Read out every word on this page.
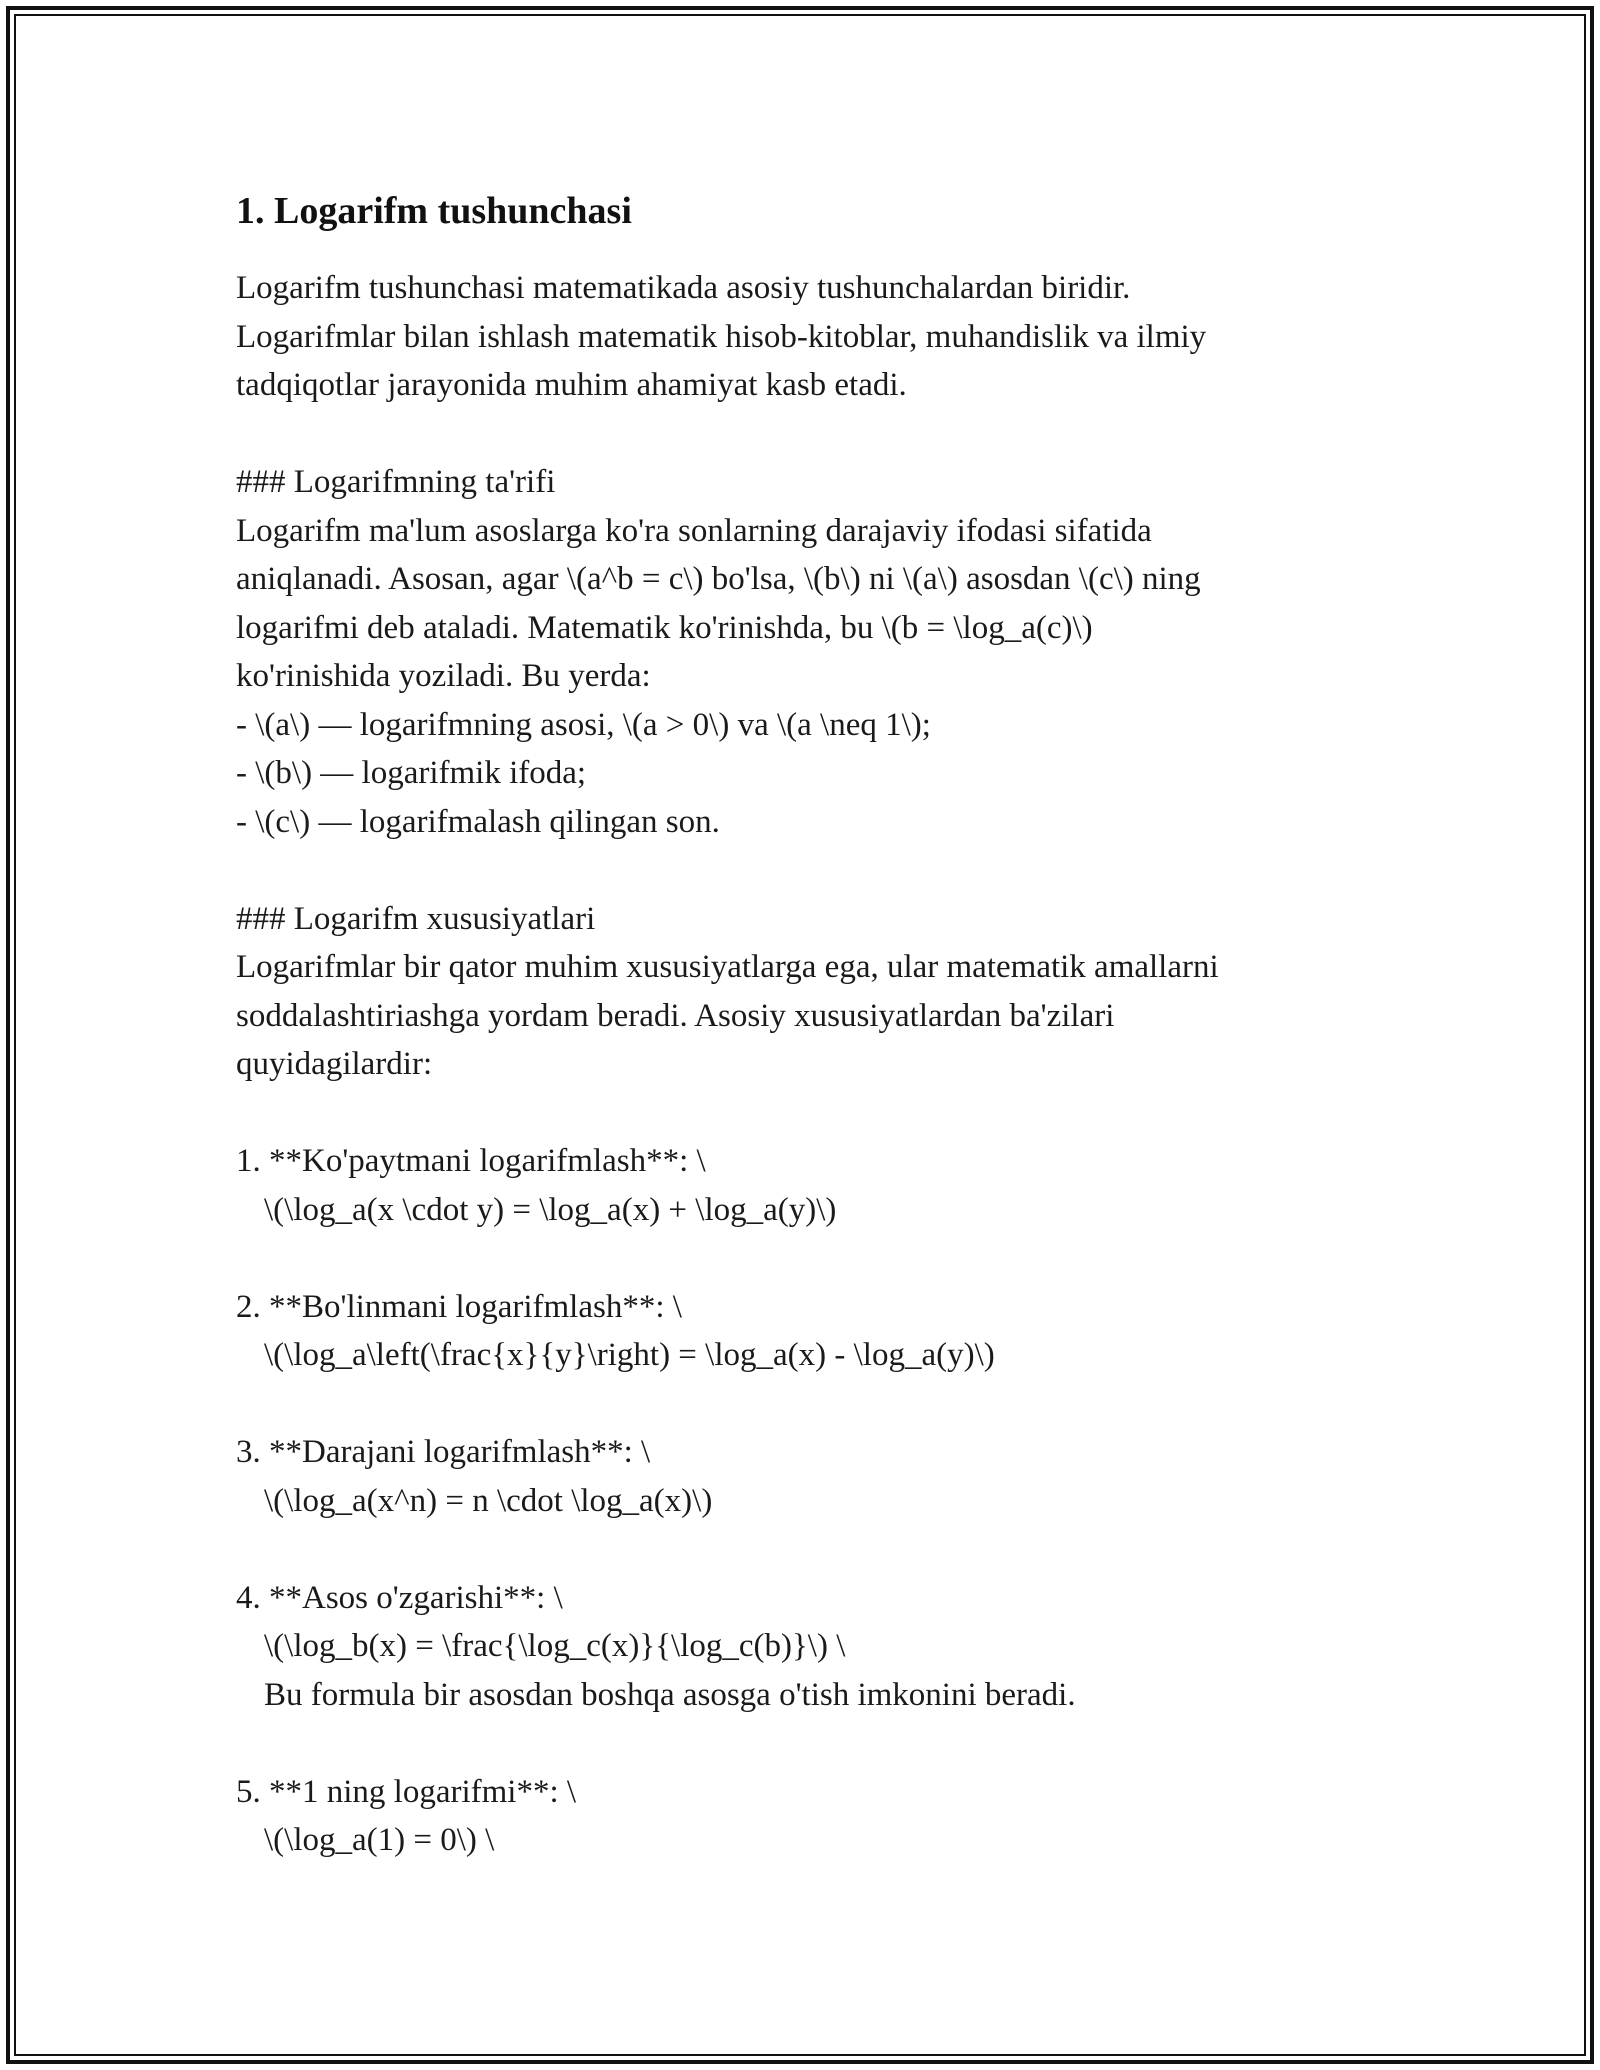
1. Logarifm tushunchasi

Logarifm tushunchasi matematikada asosiy tushunchalardan biridir.

Logarifmlar bilan ishlash matematik hisob-kitoblar, muhandislik va ilmiy

tadqiqotlar jarayonida muhim ahamiyat kasb etadi.

### Logarifmning ta'rifi

Logarifm ma'lum asoslarga ko'ra sonlarning darajaviy ifodasi sifatida

aniqlanadi. Asosan, agar \(a^b = c\) bo'lsa, \(b\) ni \(a\) asosdan \(c\) ning

logarifmi deb ataladi. Matematik ko'rinishda, bu \(b = \log_a(c)\)

ko'rinishida yoziladi. Bu yerda:

- \(a\) — logarifmning asosi, \(a > 0\) va \(a \neq 1\);

- \(b\) — logarifmik ifoda;

- \(c\) — logarifmalash qilingan son.

### Logarifm xususiyatlari

Logarifmlar bir qator muhim xususiyatlarga ega, ular matematik amallarni

soddalashtiriashga yordam beradi. Asosiy xususiyatlardan ba'zilari

quyidagilardir:

1. **Ko'paytmani logarifmlash**: \

\(\log_a(x \cdot y) = \log_a(x) + \log_a(y)\)

2. **Bo'linmani logarifmlash**: \

\(\log_a\left(\frac{x}{y}\right) = \log_a(x) - \log_a(y)\)

3. **Darajani logarifmlash**: \

\(\log_a(x^n) = n \cdot \log_a(x)\)

4. **Asos o'zgarishi**: \

\(\log_b(x) = \frac{\log_c(x)}{\log_c(b)}\) \

Bu formula bir asosdan boshqa asosga o'tish imkonini beradi.

5. **1 ning logarifmi**: \

\(\log_a(1) = 0\) \
